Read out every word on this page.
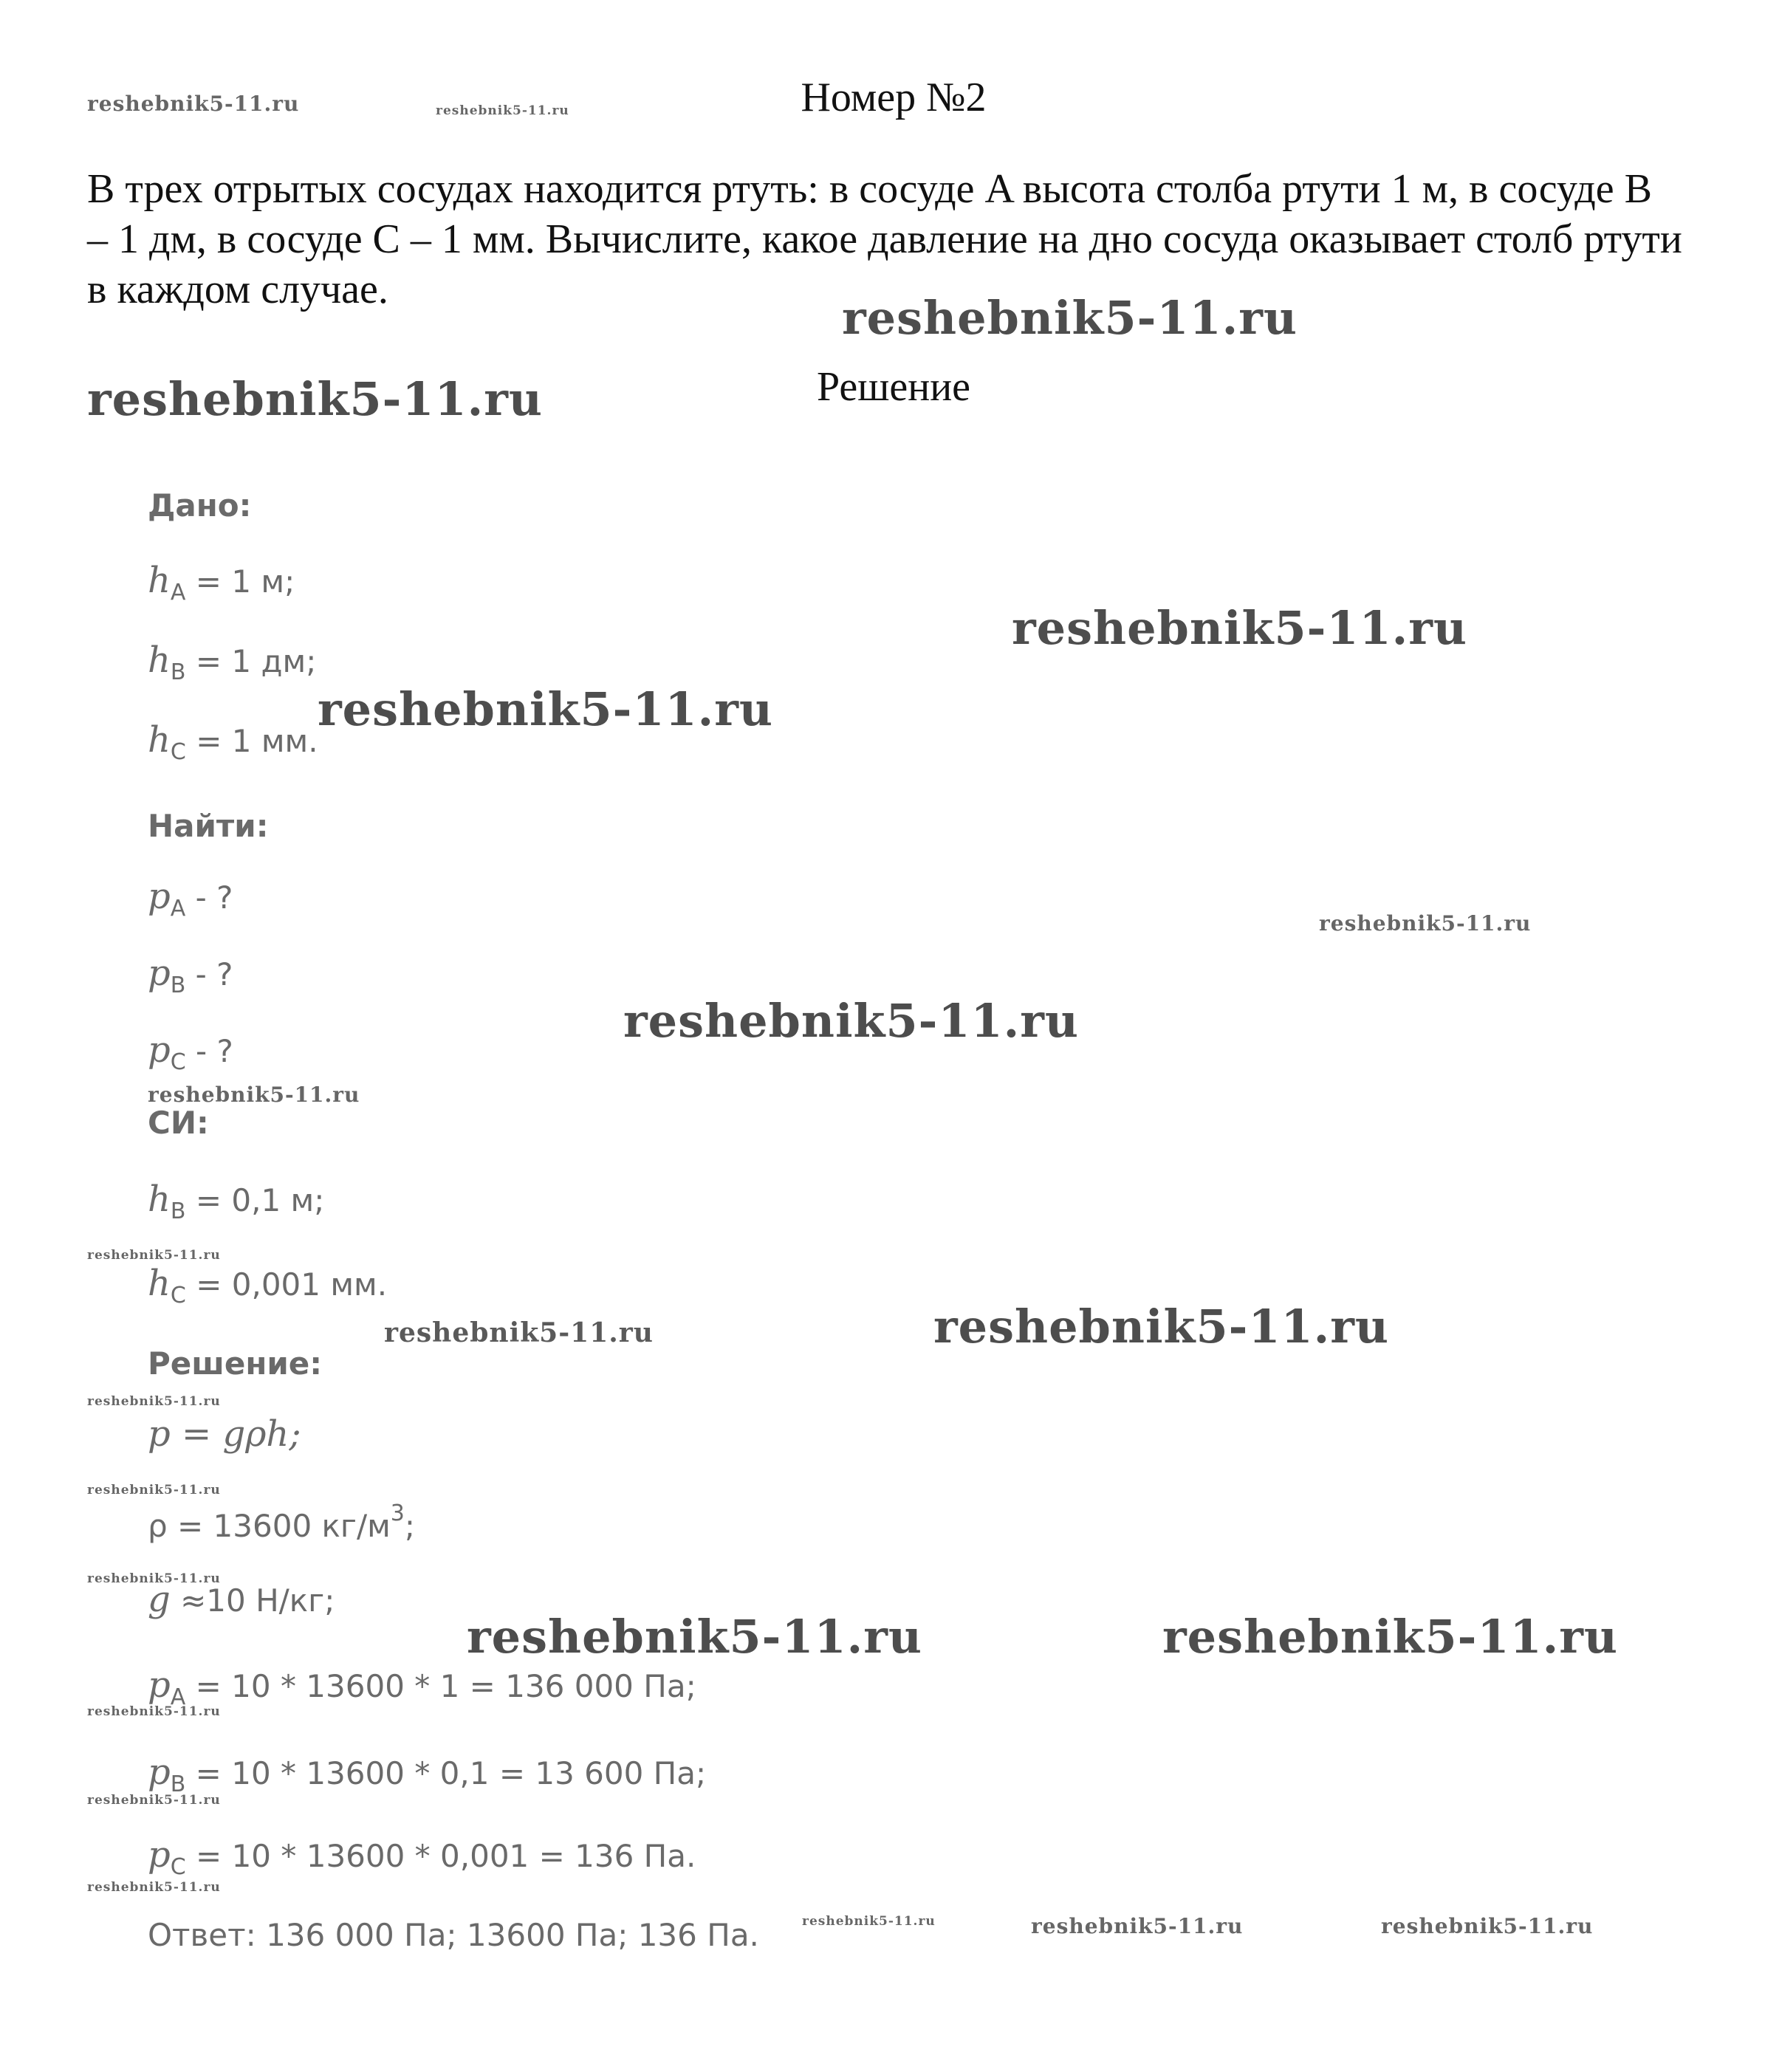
Номер №2

В трех отрытых сосудах находится ртуть: в сосуде A высота столба ртути 1 м, в сосуде B – 1 дм, в сосуде C – 1 мм. Вычислите, какое давление на дно сосуда оказывает столб ртути в каждом случае.

Решение
Дано:
$h_A = 1$ м;
$h_B = 1$ дм;
$h_C = 1$ мм.
Найти:
$p_A$ - ?
$p_B$ - ?
$p_C$ - ?
СИ:
$h_B = 0,1$ м;
$h_C = 0,001$ мм.
Решение:
p = gρh;
ρ = 13600 $кг/м^3$;
g ≈10 Н/кг;
$p_A = 10 * 13600 * 1 = 136$ 000 Па;
$p_B = 10 * 13600 * 0,1 = 13$ 600 Па;
$p_C = 10 * 13600 * 0,001 = 136$ Па.
Ответ: 136 000 Па; 13600 Па; 136 Па.
reshebnik5-11.ru	reshebnik5-11.ru
reshebnik5-11.ru
reshebnik5-11.ru
reshebnik5-11.ru
reshebnik5-11.ru
reshebnik5-11.ru
reshebnik5-11.ru
reshebnik5-11.ru
reshebnik5-11.ru
reshebnik5-11.ru	reshebnik5-11.ru
reshebnik5-11.ru
reshebnik5-11.ru
reshebnik5-11.ru
reshebnik5-11.ru	reshebnik5-11.ru
reshebnik5-11.ru
reshebnik5-11.ru
reshebnik5-11.ru
reshebnik5-11.ru	reshebnik5-11.ru	reshebnik5-11.ru
